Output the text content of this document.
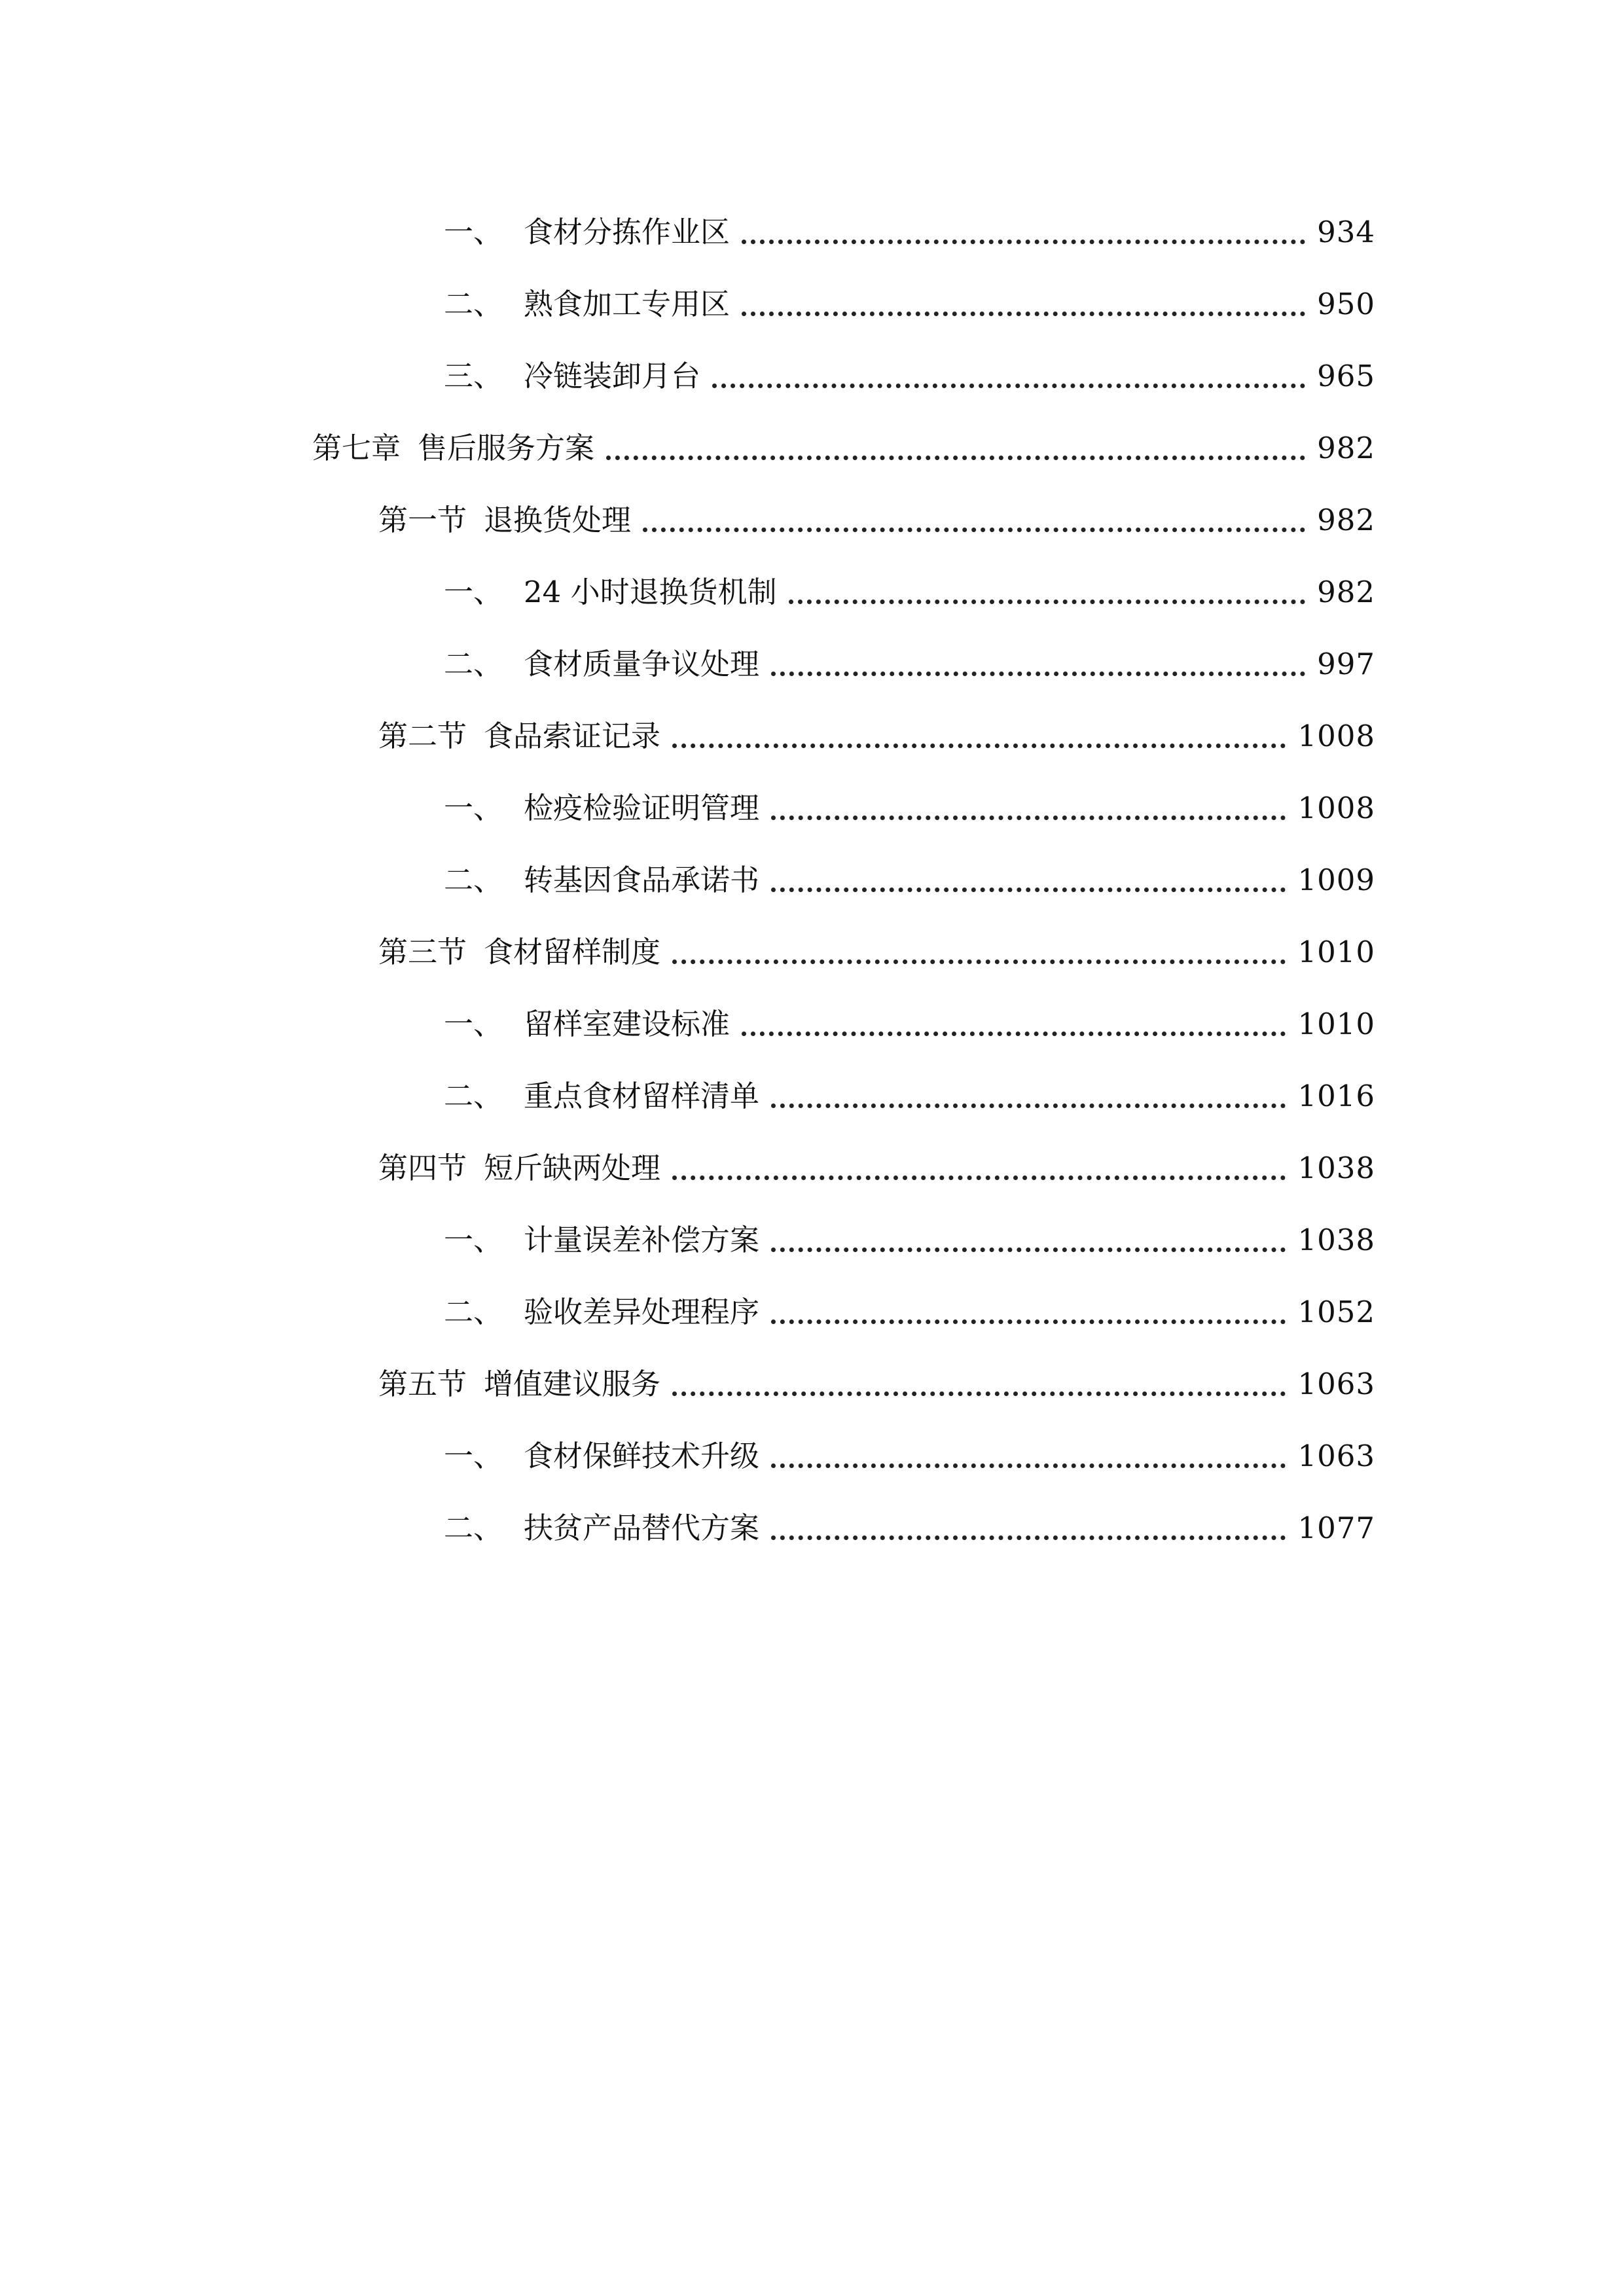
一、 食材分拣作业区	934
二、 熟食加工专用区	950
三、 冷链装卸月台	965
第七章 售后服务方案	982
第一节 退换货处理	982
一、 24 小时退换货机制	982
二、 食材质量争议处理	997
第二节 食品索证记录	1008
一、 检疫检验证明管理	1008
二、 转基因食品承诺书	1009
第三节 食材留样制度	1010
一、 留样室建设标准	1010
二、 重点食材留样清单	1016
第四节 短斤缺两处理	1038
一、 计量误差补偿方案	1038
二、 验收差异处理程序	1052
第五节 增值建议服务	1063
一、 食材保鲜技术升级	1063
二、 扶贫产品替代方案	1077
